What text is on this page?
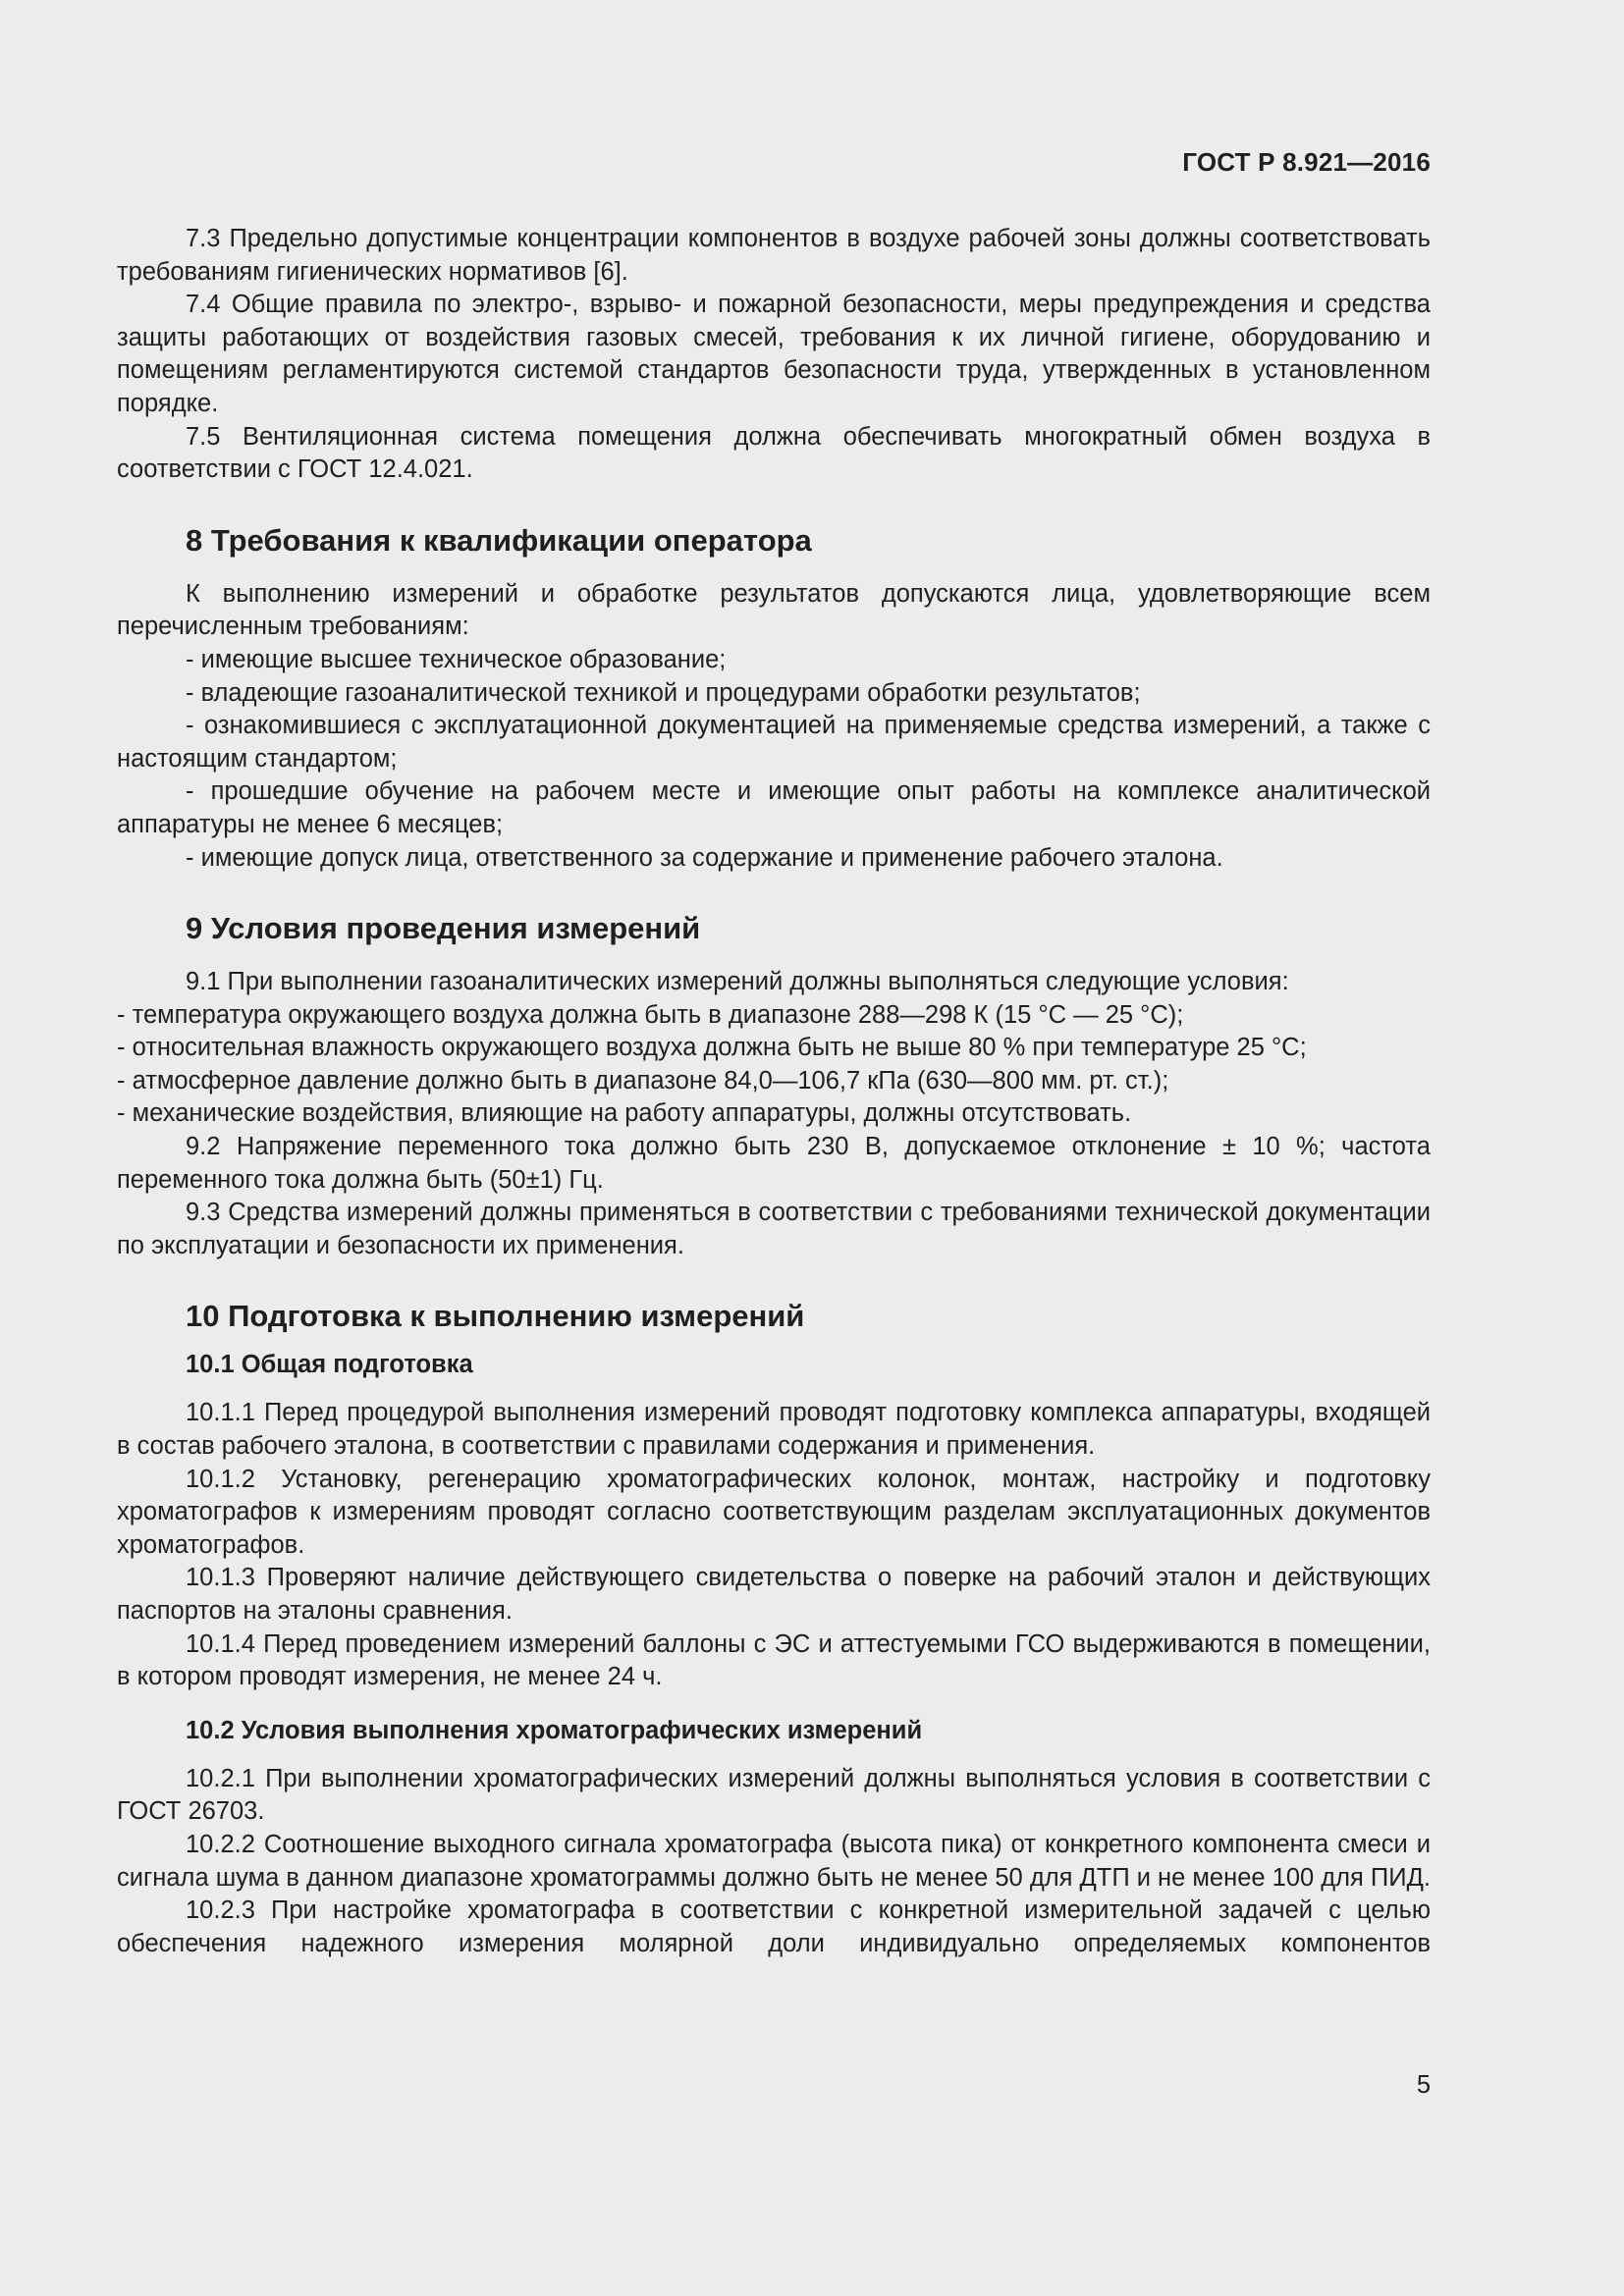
ГОСТ Р 8.921—2016

7.3 Предельно допустимые концентрации компонентов в воздухе рабочей зоны должны соответствовать требованиям гигиенических нормативов [6].

7.4 Общие правила по электро-, взрыво- и пожарной безопасности, меры предупреждения и средства защиты работающих от воздействия газовых смесей, требования к их личной гигиене, оборудованию и помещениям регламентируются системой стандартов безопасности труда, утвержденных в установленном порядке.

7.5 Вентиляционная система помещения должна обеспечивать многократный обмен воздуха в соответствии с ГОСТ 12.4.021.

8 Требования к квалификации оператора

К выполнению измерений и обработке результатов допускаются лица, удовлетворяющие всем перечисленным требованиям:

- имеющие высшее техническое образование;

- владеющие газоаналитической техникой и процедурами обработки результатов;

- ознакомившиеся с эксплуатационной документацией на применяемые средства измерений, а также с настоящим стандартом;

- прошедшие обучение на рабочем месте и имеющие опыт работы на комплексе аналитической аппаратуры не менее 6 месяцев;

- имеющие допуск лица, ответственного за содержание и применение рабочего эталона.

9 Условия проведения измерений

9.1 При выполнении газоаналитических измерений должны выполняться следующие условия:

- температура окружающего воздуха должна быть в диапазоне 288—298 К (15 °С — 25 °С);

- относительная влажность окружающего воздуха должна быть не выше 80 % при температуре 25 °С;

- атмосферное давление должно быть в диапазоне 84,0—106,7 кПа (630—800 мм. рт. ст.);

- механические воздействия, влияющие на работу аппаратуры, должны отсутствовать.

9.2 Напряжение переменного тока должно быть 230 В, допускаемое отклонение ± 10 %; частота переменного тока должна быть (50±1) Гц.

9.3 Средства измерений должны применяться в соответствии с требованиями технической документации по эксплуатации и безопасности их применения.

10 Подготовка к выполнению измерений
10.1 Общая подготовка

10.1.1 Перед процедурой выполнения измерений проводят подготовку комплекса аппаратуры, входящей в состав рабочего эталона, в соответствии с правилами содержания и применения.

10.1.2 Установку, регенерацию хроматографических колонок, монтаж, настройку и подготовку хроматографов к измерениям проводят согласно соответствующим разделам эксплуатационных документов хроматографов.

10.1.3 Проверяют наличие действующего свидетельства о поверке на рабочий эталон и действующих паспортов на эталоны сравнения.

10.1.4 Перед проведением измерений баллоны с ЭС и аттестуемыми ГСО выдерживаются в помещении, в котором проводят измерения, не менее 24 ч.

10.2 Условия выполнения хроматографических измерений

10.2.1 При выполнении хроматографических измерений должны выполняться условия в соответствии с ГОСТ 26703.

10.2.2 Соотношение выходного сигнала хроматографа (высота пика) от конкретного компонента смеси и сигнала шума в данном диапазоне хроматограммы должно быть не менее 50 для ДТП и не менее 100 для ПИД.

10.2.3 При настройке хроматографа в соответствии с конкретной измерительной задачей с целью обеспечения надежного измерения молярной доли индивидуально определяемых компонентов

5
